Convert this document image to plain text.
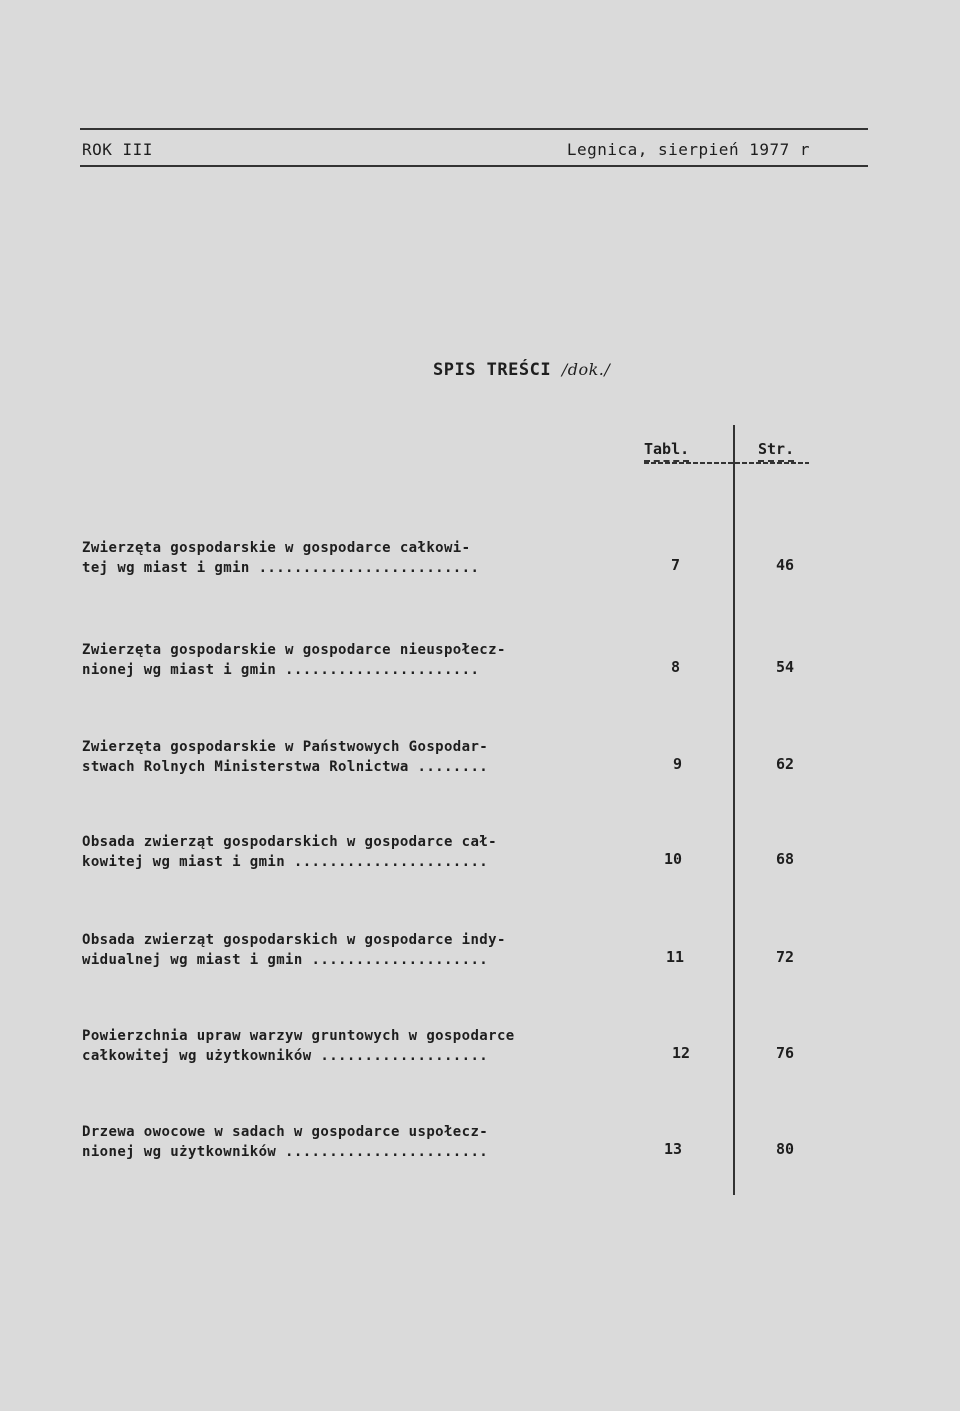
ROK III	Legnica, sierpień 1977 r
SPIS TREŚCI /dok./
Tabl.	Str.
Zwierzęta gospodarskie w gospodarce całkowi-
tej wg miast i gmin .........................	7	46
Zwierzęta gospodarskie w gospodarce nieuspołecz-
nionej wg miast i gmin ......................	8	54
Zwierzęta gospodarskie w Państwowych Gospodar-
stwach Rolnych Ministerstwa Rolnictwa ........	9	62
Obsada zwierząt gospodarskich w gospodarce cał-
kowitej wg miast i gmin ......................	10	68
Obsada zwierząt gospodarskich w gospodarce indy-
widualnej wg miast i gmin ....................	11	72
Powierzchnia upraw warzyw gruntowych w gospodarce
całkowitej wg użytkowników ...................	12	76
Drzewa owocowe w sadach w gospodarce uspołecz-
nionej wg użytkowników .......................	13	80
